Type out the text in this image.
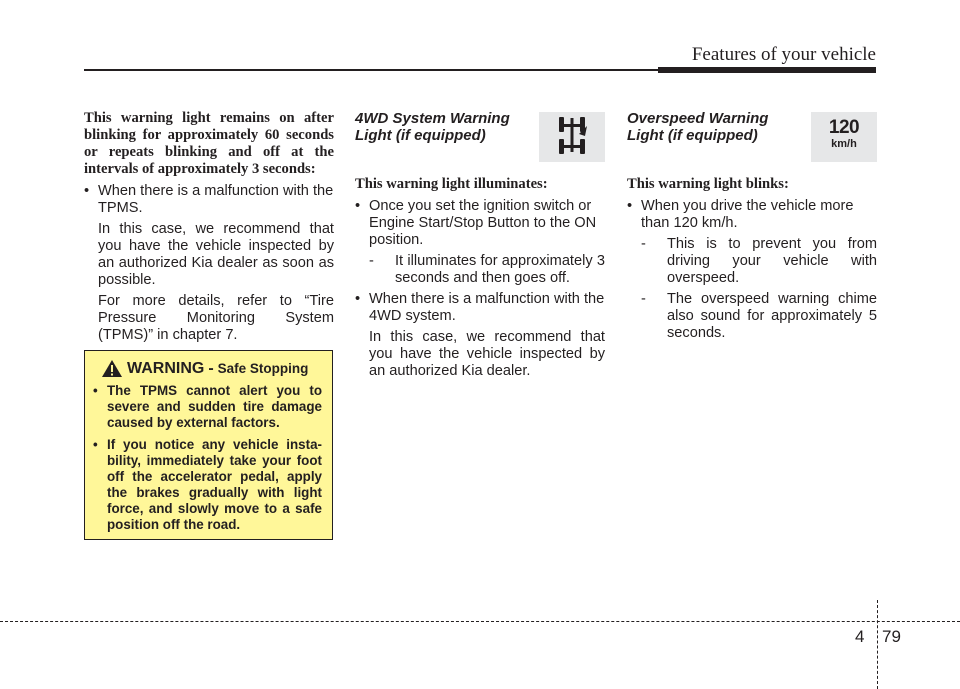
Features of your vehicle

This warning light remains on after blinking for approximately 60 seconds or repeats blinking and off at the intervals of approximately 3 seconds:

• When there is a malfunction with the TPMS.

In this case, we recommend that you have the vehicle inspected by an authorized Kia dealer as soon as possible.

For more details, refer to “Tire Pressure Monitoring System (TPMS)” in chapter 7.

WARNING - Safe Stopping
• The TPMS cannot alert you to severe and sudden tire damage caused by external factors.
• If you notice any vehicle insta-bility, immediately take your foot off the accelerator pedal, apply the brakes gradually with light force, and slowly move to a safe position off the road.
4WD System Warning
Light (if equipped)

This warning light illuminates:

• Once you set the ignition switch or Engine Start/Stop Button to the ON position.
- It illuminates for approximately 3 seconds and then goes off.
• When there is a malfunction with the 4WD system.

In this case, we recommend that you have the vehicle inspected by an authorized Kia dealer.

Overspeed Warning
Light (if equipped)	120
km/h

This warning light blinks:

• When you drive the vehicle more than 120 km/h.
- This is to prevent you from driving your vehicle with overspeed.
- The overspeed warning chime also sound for approximately 5 seconds.
4 79
